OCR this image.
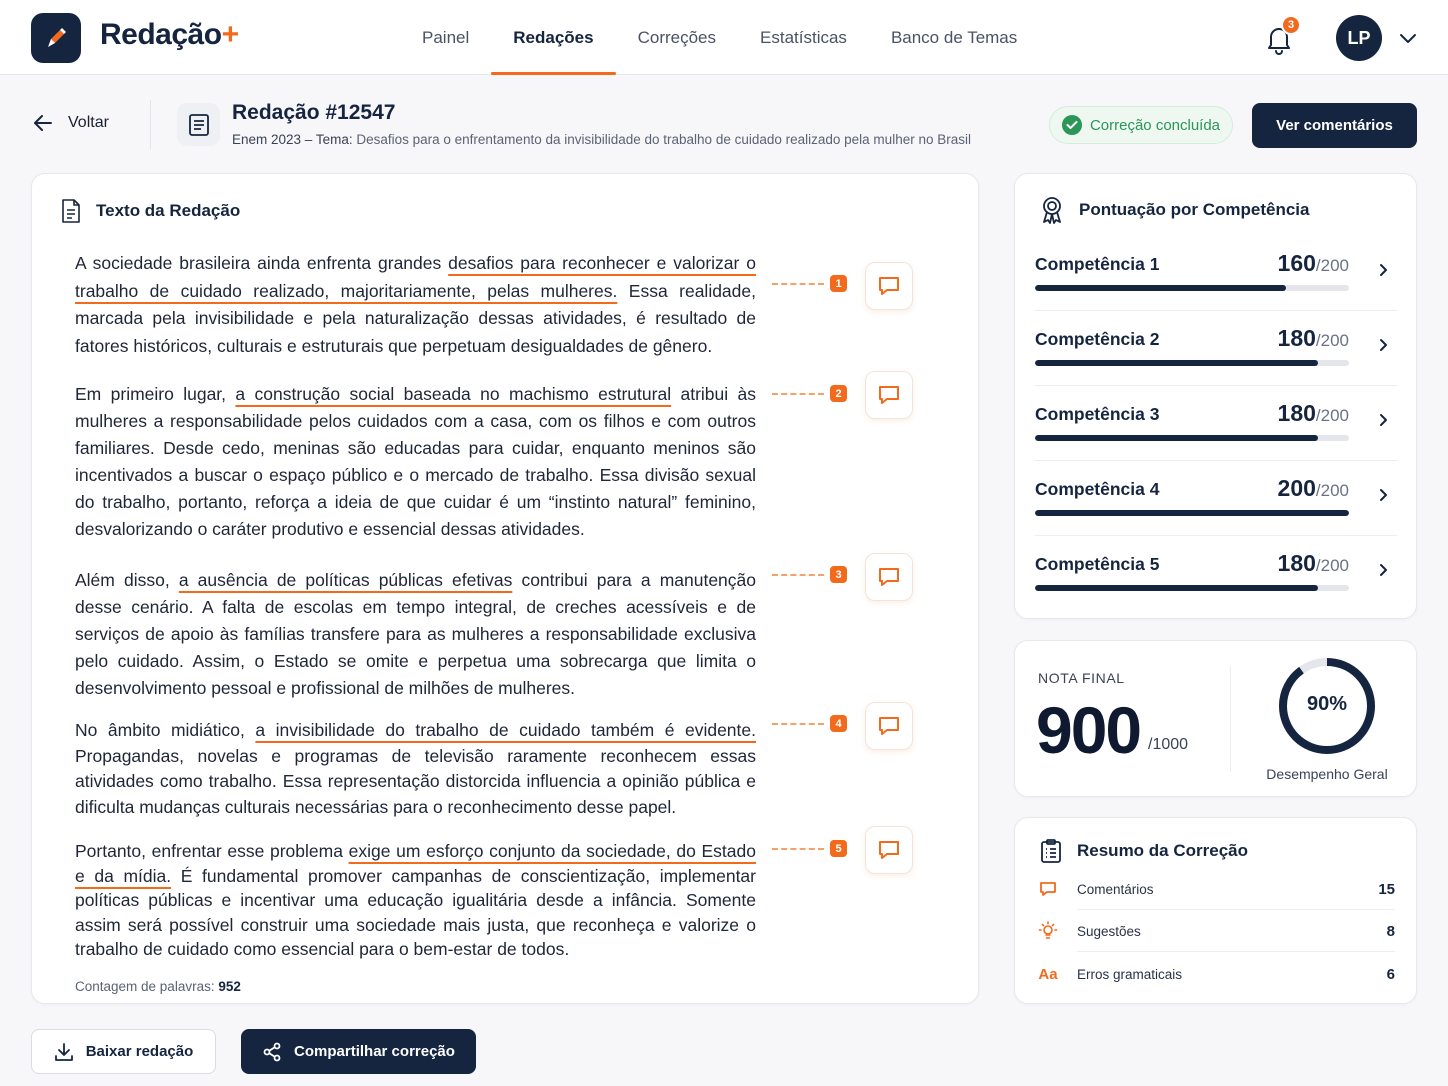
Redação+	Painel	Redações	Correções	Estatísticas	Banco de Temas
3
LP
Voltar	Redação #12547
Enem 2023 – Tema: Desafios para o enfrentamento da invisibilidade do trabalho de cuidado realizado pela mulher no Brasil
Correção concluída	Ver comentários
Texto da Redação
A sociedade brasileira ainda enfrenta grandes desafios para reconhecer e valorizar o trabalho de cuidado realizado, majoritariamente, pelas mulheres. Essa realidade, marcada pela invisibilidade e pela naturalização dessas atividades, é resultado de fatores históricos, culturais e estruturais que perpetuam desigualdades de gênero.
Em primeiro lugar, a construção social baseada no machismo estrutural atribui às mulheres a responsabilidade pelos cuidados com a casa, com os filhos e com outros familiares. Desde cedo, meninas são educadas para cuidar, enquanto meninos são incentivados a buscar o espaço público e o mercado de trabalho. Essa divisão sexual do trabalho, portanto, reforça a ideia de que cuidar é um “instinto natural” feminino, desvalorizando o caráter produtivo e essencial dessas atividades.
Além disso, a ausência de políticas públicas efetivas contribui para a manutenção desse cenário. A falta de escolas em tempo integral, de creches acessíveis e de serviços de apoio às famílias transfere para as mulheres a responsabilidade exclusiva pelo cuidado. Assim, o Estado se omite e perpetua uma sobrecarga que limita o desenvolvimento pessoal e profissional de milhões de mulheres.
No âmbito midiático, a invisibilidade do trabalho de cuidado também é evidente. Propagandas, novelas e programas de televisão raramente reconhecem essas atividades como trabalho. Essa representação distorcida influencia a opinião pública e dificulta mudanças culturais necessárias para o reconhecimento desse papel.
Portanto, enfrentar esse problema exige um esforço conjunto da sociedade, do Estado e da mídia. É fundamental promover campanhas de conscientização, implementar políticas públicas e incentivar uma educação igualitária desde a infância. Somente assim será possível construir uma sociedade mais justa, que reconheça e valorize o trabalho de cuidado como essencial para o bem-estar de todos.
1
2
3
4
5
Contagem de palavras: 952
Pontuação por Competência
Competência 1	160/200
Competência 2	180/200
Competência 3	180/200
Competência 4	200/200
Competência 5	180/200
NOTA FINAL
900 /1000
90%
Desempenho Geral
Resumo da Correção
Comentários	15
Sugestões	8
Aa Erros gramaticais	6
Baixar redação	Compartilhar correção
